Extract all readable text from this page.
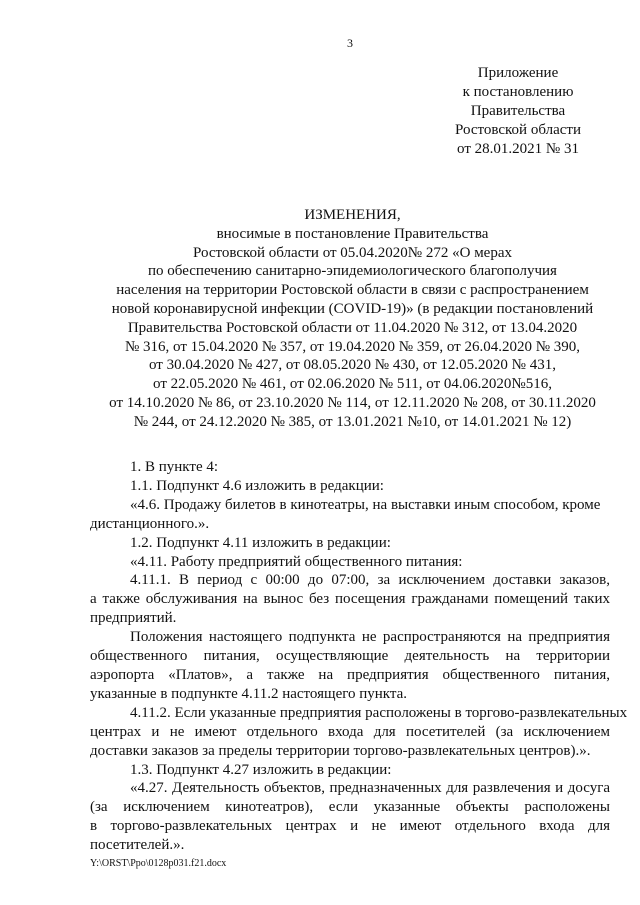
3
Приложение
к постановлению
Правительства
Ростовской области
от 28.01.2021 № 31
ИЗМЕНЕНИЯ,
вносимые в постановление Правительства
Ростовской области от 05.04.2020№ 272 «О мерах
по обеспечению санитарно-эпидемиологического благополучия
населения на территории Ростовской области в связи с распространением
новой коронавирусной инфекции (COVID-19)» (в редакции постановлений
Правительства Ростовской области от 11.04.2020 № 312, от 13.04.2020
№ 316, от 15.04.2020 № 357, от 19.04.2020 № 359, от 26.04.2020 № 390,
от 30.04.2020 № 427, от 08.05.2020 № 430, от 12.05.2020 № 431,
от 22.05.2020 № 461, от 02.06.2020 № 511, от 04.06.2020№516,
от 14.10.2020 № 86, от 23.10.2020 № 114, от 12.11.2020 № 208, от 30.11.2020
№ 244, от 24.12.2020 № 385, от 13.01.2021 №10, от 14.01.2021 № 12)
1. В пункте 4:
1.1. Подпункт 4.6 изложить в редакции:
«4.6. Продажу билетов в кинотеатры, на выставки иным способом, кроме
дистанционного.».
1.2. Подпункт 4.11 изложить в редакции:
«4.11. Работу предприятий общественного питания:
4.11.1. В период с 00:00 до 07:00, за исключением доставки заказов,
а также обслуживания на вынос без посещения гражданами помещений таких
предприятий.
Положения настоящего подпункта не распространяются на предприятия
общественного питания, осуществляющие деятельность на территории
аэропорта «Платов», а также на предприятия общественного питания,
указанные в подпункте 4.11.2 настоящего пункта.
4.11.2. Если указанные предприятия расположены в торгово-развлекательных
центрах и не имеют отдельного входа для посетителей (за исключением
доставки заказов за пределы территории торгово-развлекательных центров).».
1.3. Подпункт 4.27 изложить в редакции:
«4.27. Деятельность объектов, предназначенных для развлечения и досуга
(за исключением кинотеатров), если указанные объекты расположены
в торгово-развлекательных центрах и не имеют отдельного входа для
посетителей.».
Y:\ORST\Ppo\0128p031.f21.docx
